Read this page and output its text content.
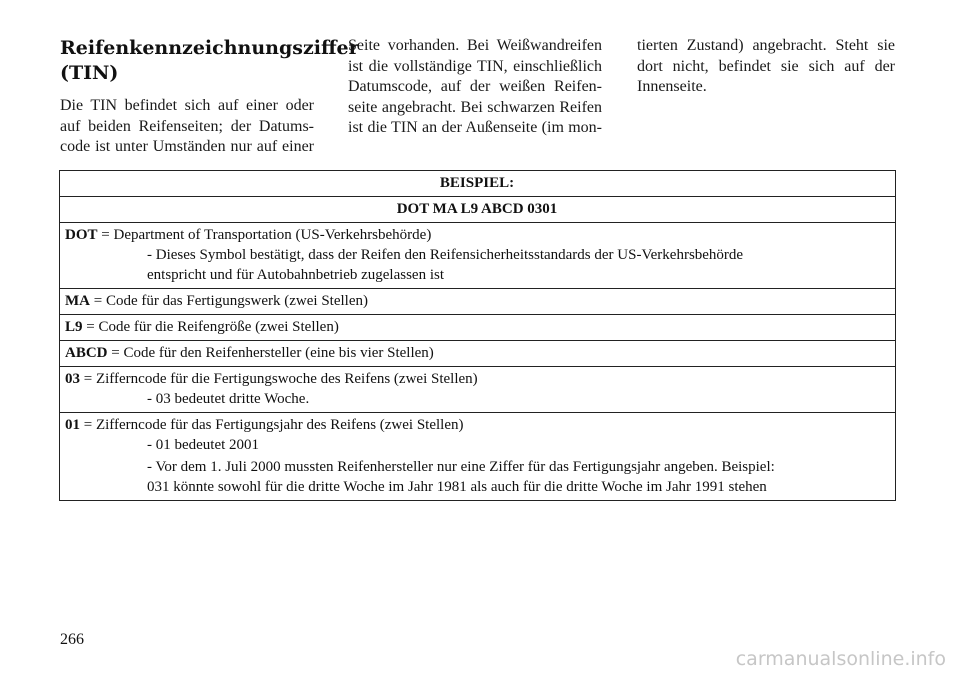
Reifenkennzeichnungsziffer
(TIN)

Die TIN befindet sich auf einer oder
auf beiden Reifenseiten; der Datums-
code ist unter Umständen nur auf einer

Seite vorhanden. Bei Weißwandreifen
ist die vollständige TIN, einschließlich
Datumscode, auf der weißen Reifen-
seite angebracht. Bei schwarzen Reifen
ist die TIN an der Außenseite (im mon-

tierten Zustand) angebracht. Steht sie
dort nicht, befindet sie sich auf der
Innenseite.

BEISPIEL:
DOT MA L9 ABCD 0301

DOT = Department of Transportation (US-Verkehrsbehörde)
- Dieses Symbol bestätigt, dass der Reifen den Reifensicherheitsstandards der US-Verkehrsbehörde
entspricht und für Autobahnbetrieb zugelassen ist

MA = Code für das Fertigungswerk (zwei Stellen)

L9 = Code für die Reifengröße (zwei Stellen)

ABCD = Code für den Reifenhersteller (eine bis vier Stellen)

03 = Zifferncode für die Fertigungswoche des Reifens (zwei Stellen)
- 03 bedeutet dritte Woche.

01 = Zifferncode für das Fertigungsjahr des Reifens (zwei Stellen)
- 01 bedeutet 2001
- Vor dem 1. Juli 2000 mussten Reifenhersteller nur eine Ziffer für das Fertigungsjahr angeben. Beispiel:
031 könnte sowohl für die dritte Woche im Jahr 1981 als auch für die dritte Woche im Jahr 1991 stehen
266
carmanualsonline.info
